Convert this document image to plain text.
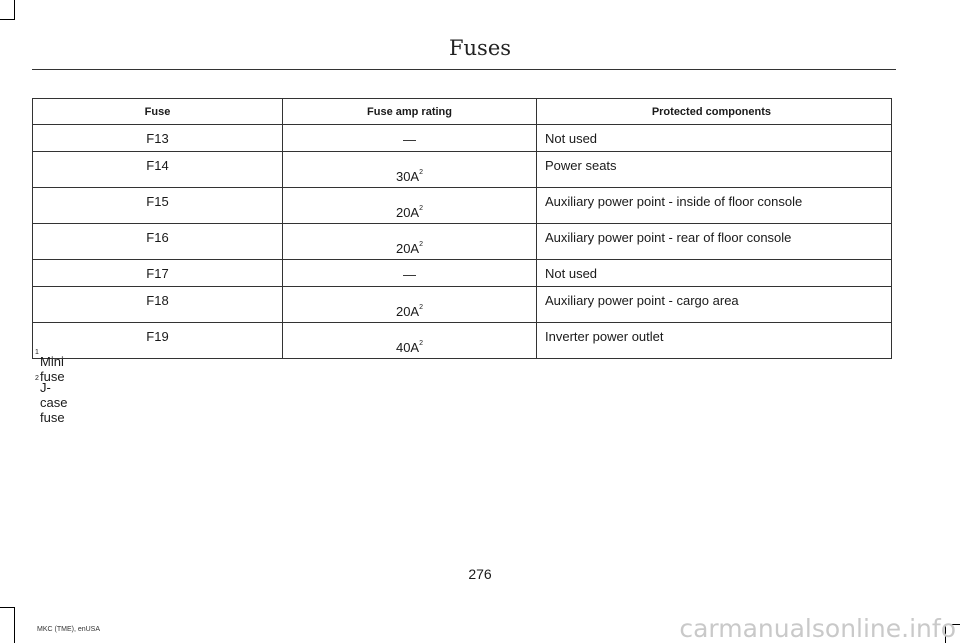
Fuses
Fuse	Fuse amp rating	Protected components
F13	—	Not used
F14	$30A^2$	Power seats
F15	$20A^2$	Auxiliary power point - inside of floor console
F16	$20A^2$	Auxiliary power point - rear of floor console
F17	—	Not used
F18	$20A^2$	Auxiliary power point - cargo area
F19	$40A^2$	Inverter power outlet
1
Mini fuse
2
J-case fuse
276
MKC (TME), enUSA	carmanualsonline.info
